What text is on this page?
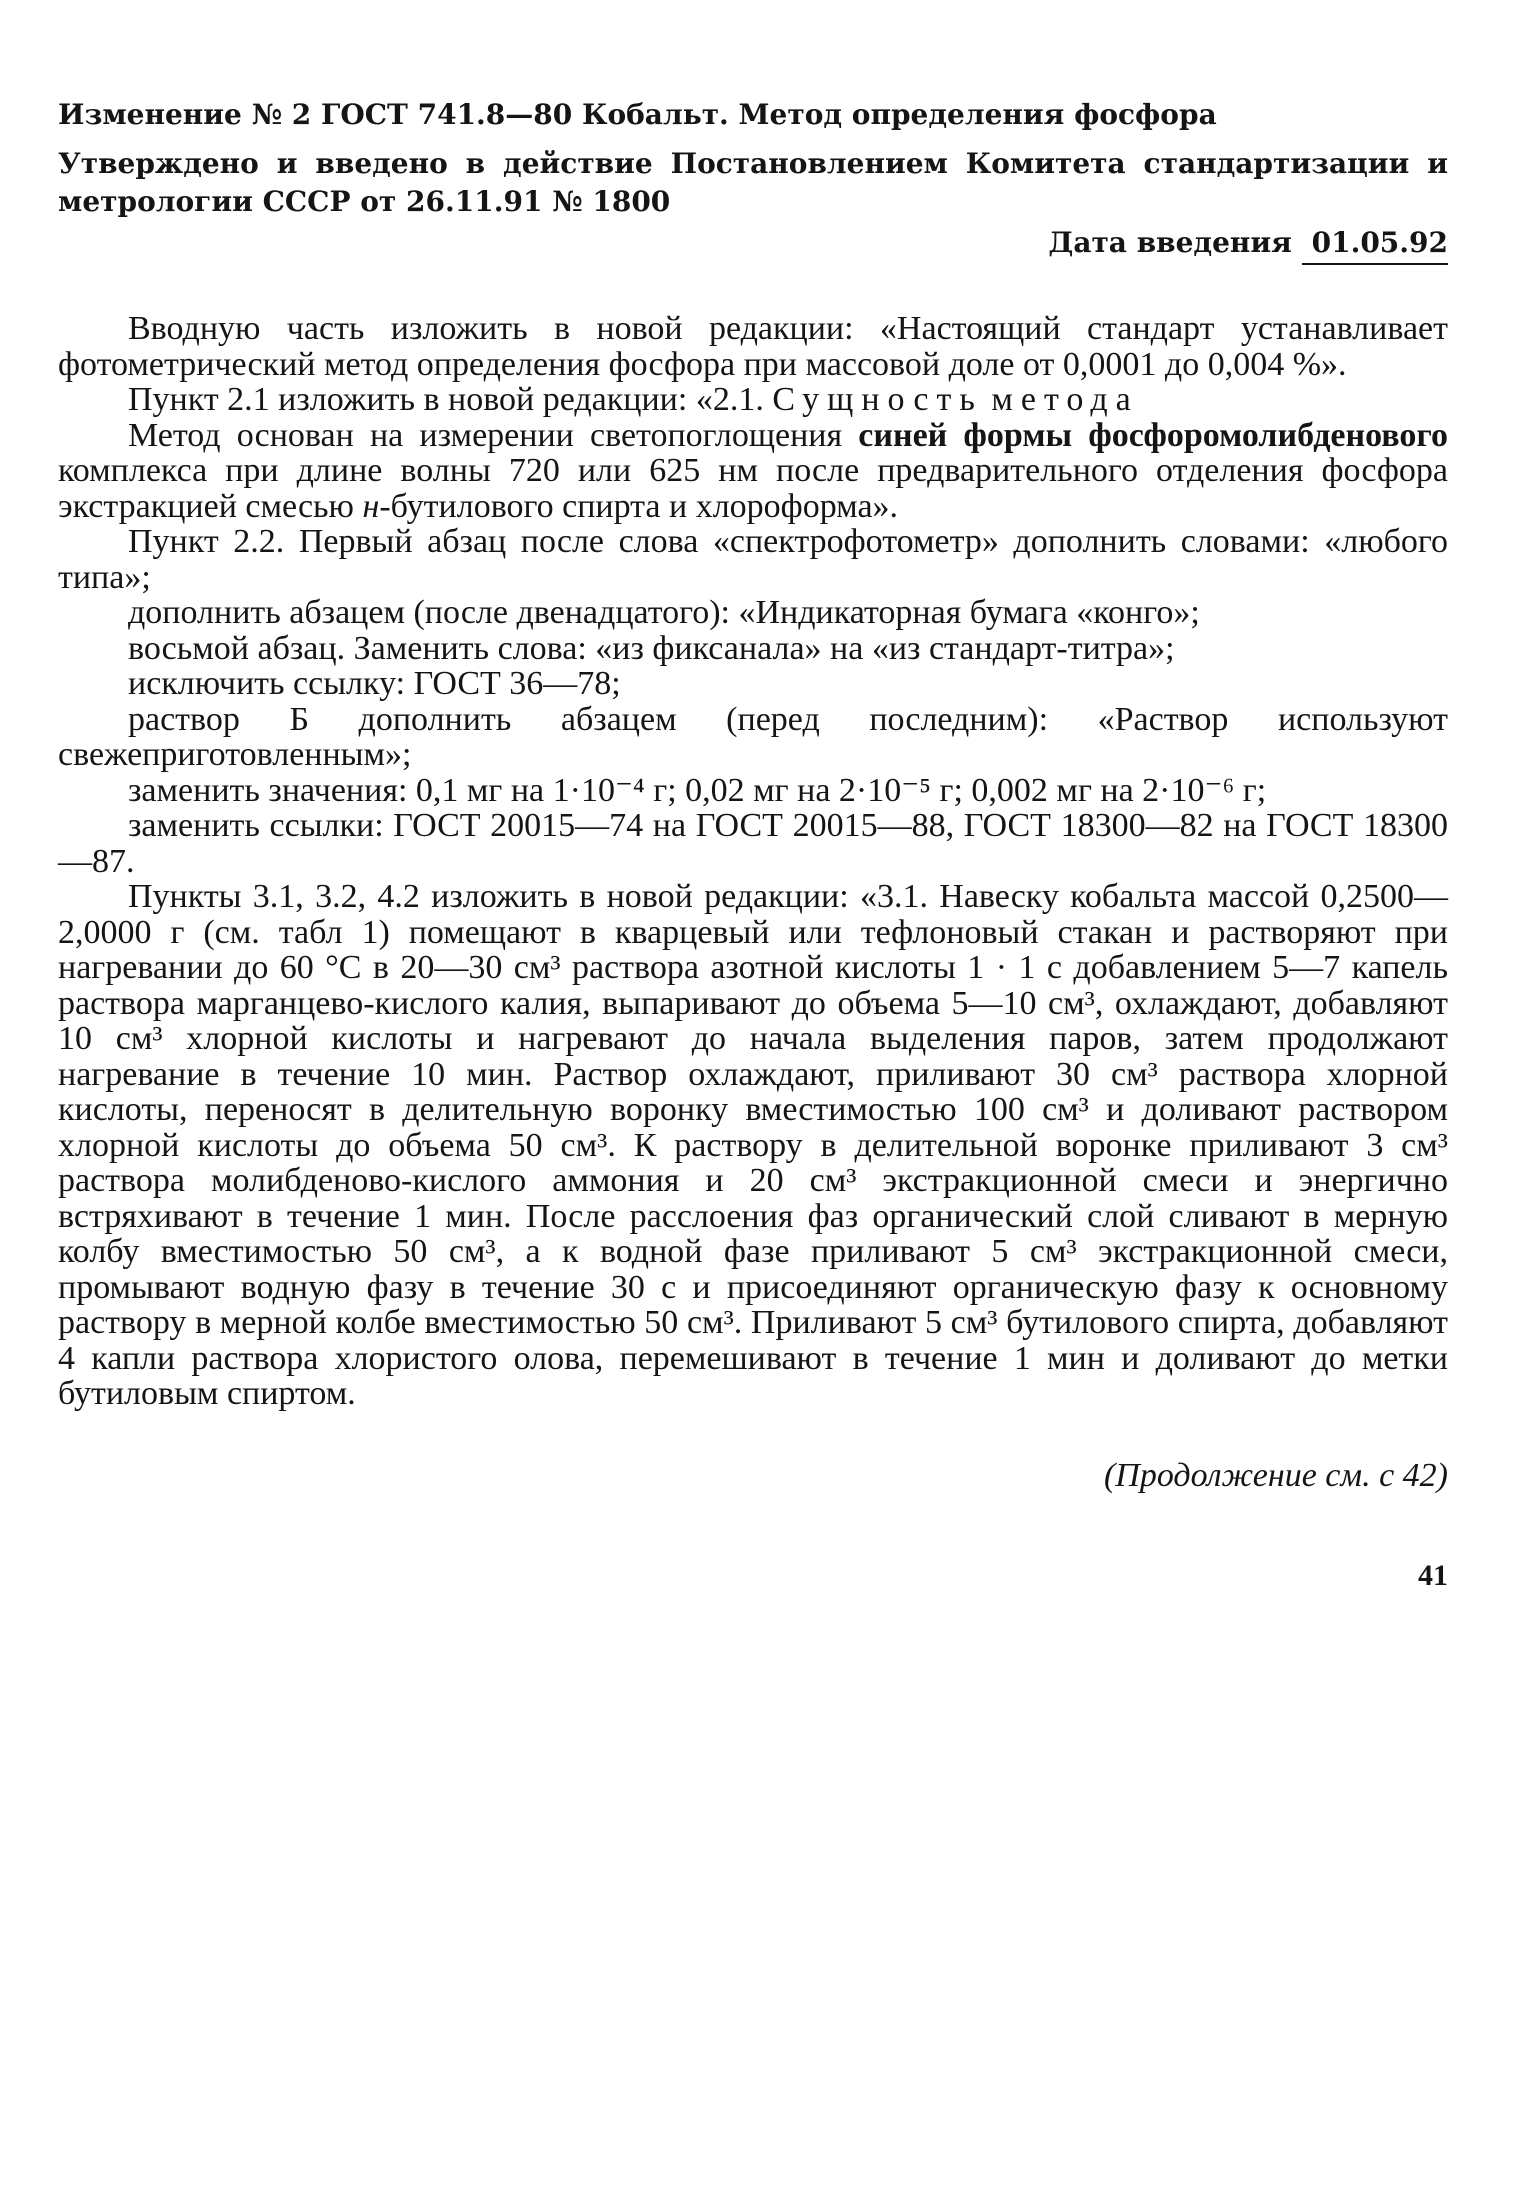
Изменение № 2 ГОСТ 741.8—80 Кобальт. Метод определения фосфора

Утверждено и введено в действие Постановлением Комитета стандартизации и метрологии СССР от 26.11.91 № 1800

Дата введения 01.05.92

Вводную часть изложить в новой редакции: «Настоящий стандарт устанавливает фотометрический метод определения фосфора при массовой доле от 0,0001 до 0,004 %».

Пункт 2.1 изложить в новой редакции: «2.1. Сущность метода

Метод основан на измерении светопоглощения синей формы фосфоромолибденового комплекса при длине волны 720 или 625 нм после предварительного отделения фосфора экстракцией смесью н-бутилового спирта и хлороформа».

Пункт 2.2. Первый абзац после слова «спектрофотометр» дополнить словами: «любого типа»;

дополнить абзацем (после двенадцатого): «Индикаторная бумага «конго»;

восьмой абзац. Заменить слова: «из фиксанала» на «из стандарт-титра»;

исключить ссылку: ГОСТ 36—78;

раствор Б дополнить абзацем (перед последним): «Раствор используют свежеприготовленным»;

заменить значения: 0,1 мг на 1·10⁻⁴ г; 0,02 мг на 2·10⁻⁵ г; 0,002 мг на 2·10⁻⁶ г;

заменить ссылки: ГОСТ 20015—74 на ГОСТ 20015—88, ГОСТ 18300—82 на ГОСТ 18300—87.

Пункты 3.1, 3.2, 4.2 изложить в новой редакции: «3.1. Навеску кобальта массой 0,2500—2,0000 г (см. табл 1) помещают в кварцевый или тефлоновый стакан и растворяют при нагревании до 60 °С в 20—30 см³ раствора азотной кислоты 1 · 1 с добавлением 5—7 капель раствора марганцево-кислого калия, выпаривают до объема 5—10 см³, охлаждают, добавляют 10 см³ хлорной кислоты и нагревают до начала выделения паров, затем продолжают нагревание в течение 10 мин. Раствор охлаждают, приливают 30 см³ раствора хлорной кислоты, переносят в делительную воронку вместимостью 100 см³ и доливают раствором хлорной кислоты до объема 50 см³. К раствору в делительной воронке приливают 3 см³ раствора молибденово-кислого аммония и 20 см³ экстракционной смеси и энергично встряхивают в течение 1 мин. После расслоения фаз органический слой сливают в мерную колбу вместимостью 50 см³, а к водной фазе приливают 5 см³ экстракционной смеси, промывают водную фазу в течение 30 с и присоединяют органическую фазу к основному раствору в мерной колбе вместимостью 50 см³. Приливают 5 см³ бутилового спирта, добавляют 4 капли раствора хлористого олова, перемешивают в течение 1 мин и доливают до метки бутиловым спиртом.

(Продолжение см. с 42)
41
